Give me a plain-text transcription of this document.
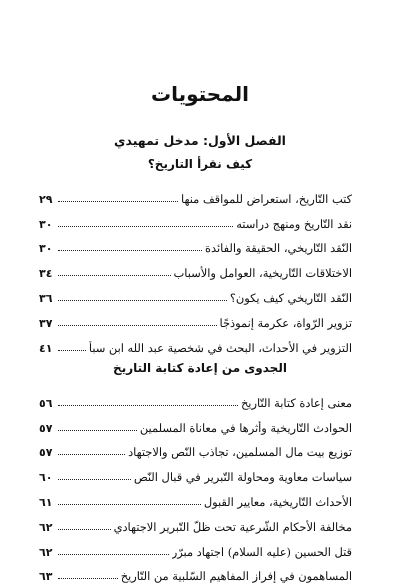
المحتويات
الفصل الأول: مدخل تمهيدي
كيف نقرأ التاريخ؟
كتب التّاريخ، استعراض للمواقف منها
٢٩
نقد التّاريخ ومنهج دراسته
٣٠
النّقد التّاريخي، الحقيقة والفائدة
٣٠
الاختلاقات التّاريخية، العوامل والأسباب
٣٤
النّقد التّاريخي كيف يكون؟
٣٦
تزوير الرّواة، عكرمة إنموذجًا
٣٧
التزوير في الأحداث، البحث في شخصية عبد الله ابن سبأ
٤١
الجدوى من إعادة كتابة التاريخ
معنى إعادة كتابة التّاريخ
٥٦
الحوادث التّاريخية وأثرها في معاناة المسلمين
٥٧
توزيع بيت مال المسلمين، تجاذب النّص والاجتهاد
٥٧
سياسات معاوية ومحاولة التّبرير في قبال النّص
٦٠
الأحداث التّاريخية، معايير القبول
٦١
مخالفة الأحكام الشّرعية تحت ظلّ التّبرير الاجتهادي
٦٢
قتل الحسين (عليه السلام) اجتهاد مبرّر
٦٢
المساهمون في إفراز المفاهيم السّلبية من التّاريخ
٦٣
